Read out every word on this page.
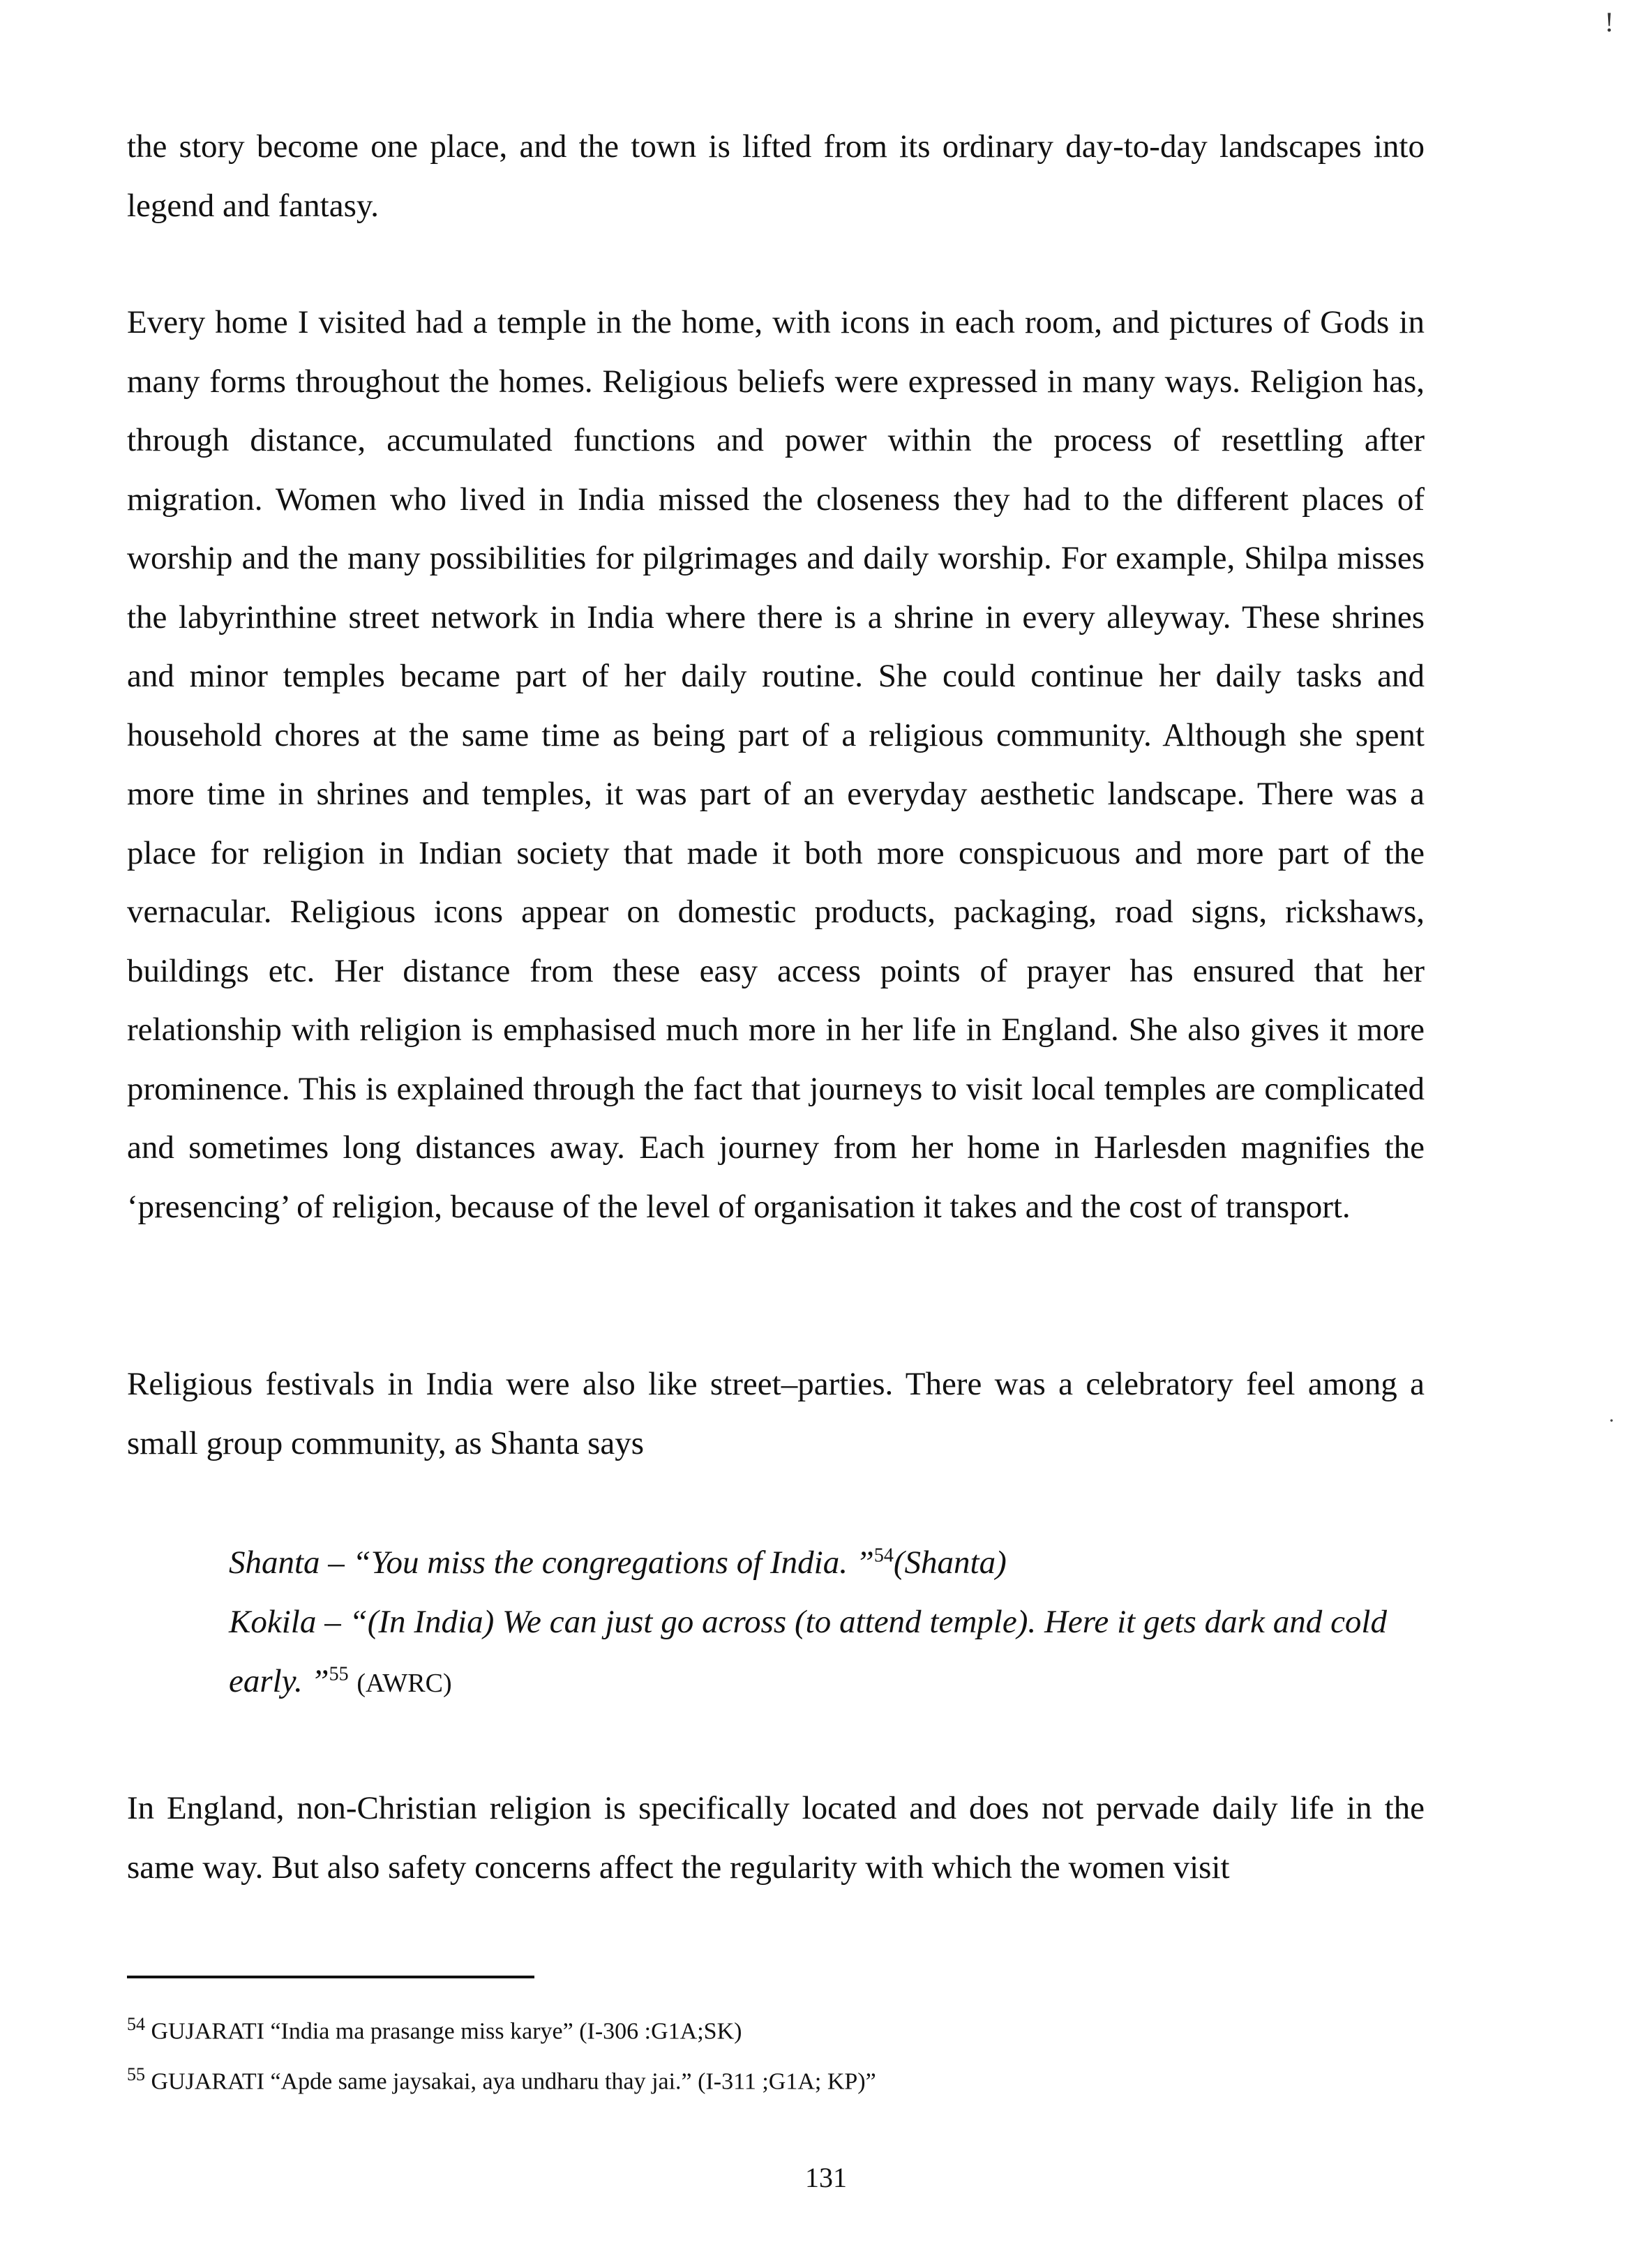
!

the story become one place, and the town is lifted from its ordinary day-to-day landscapes into legend and fantasy.

Every home I visited had a temple in the home, with icons in each room, and pictures of Gods in many forms throughout the homes. Religious beliefs were expressed in many ways. Religion has, through distance, accumulated functions and power within the process of resettling after migration. Women who lived in India missed the closeness they had to the different places of worship and the many possibilities for pilgrimages and daily worship. For example, Shilpa misses the labyrinthine street network in India where there is a shrine in every alleyway. These shrines and minor temples became part of her daily routine. She could continue her daily tasks and household chores at the same time as being part of a religious community. Although she spent more time in shrines and temples, it was part of an everyday aesthetic landscape. There was a place for religion in Indian society that made it both more conspicuous and more part of the vernacular. Religious icons appear on domestic products, packaging, road signs, rickshaws, buildings etc. Her distance from these easy access points of prayer has ensured that her relationship with religion is emphasised much more in her life in England. She also gives it more prominence. This is explained through the fact that journeys to visit local temples are complicated and sometimes long distances away. Each journey from her home in Harlesden magnifies the ‘presencing’ of religion, because of the level of organisation it takes and the cost of transport.

Religious festivals in India were also like street–parties. There was a celebratory feel among a small group community, as Shanta says

·

Shanta – “You miss the congregations of India. ”$^{54}$(Shanta)

Kokila – “(In India) We can just go across (to attend temple). Here it gets dark and cold early. ”$^{55}$ (AWRC)

In England, non-Christian religion is specifically located and does not pervade daily life in the same way. But also safety concerns affect the regularity with which the women visit

$^{54}$ GUJARATI “India ma prasange miss karye” (I-306 :G1A;SK)

$^{55}$ GUJARATI “Apde same jaysakai, aya undharu thay jai.” (I-311 ;G1A; KP)”

131
